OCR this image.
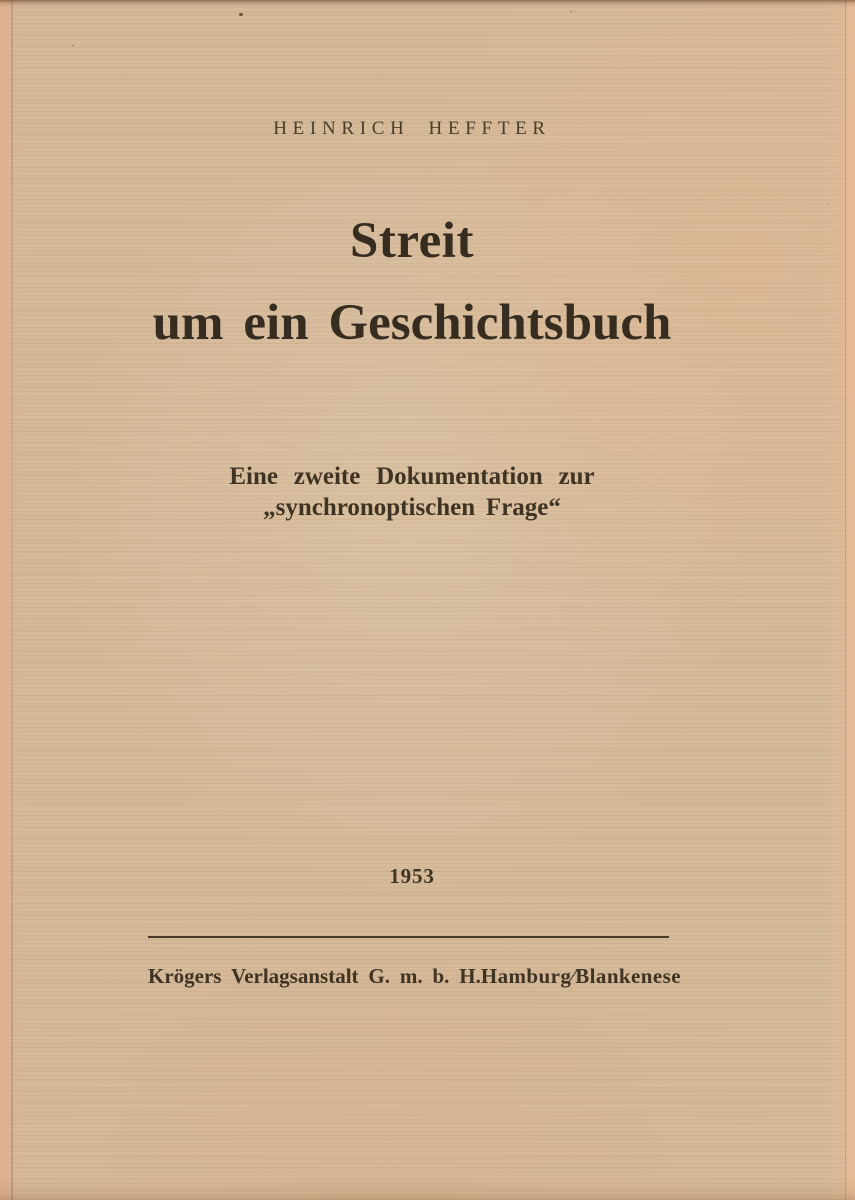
HEINRICH HEFFTER
Streit
um ein Geschichtsbuch
Eine zweite Dokumentation zur
„synchronoptischen Frage“
1953
Krögers Verlagsanstalt G. m. b. H. Hamburg⁄Blankenese
